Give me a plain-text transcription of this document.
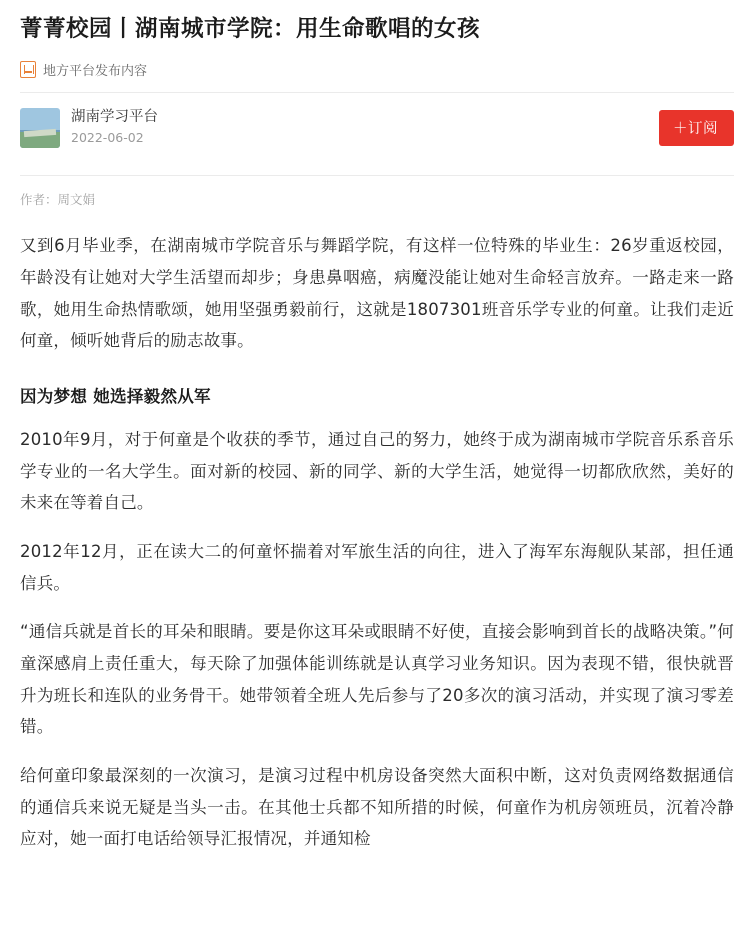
菁菁校园丨湖南城市学院：用生命歌唱的女孩
地方平台发布内容
湖南学习平台
2022-06-02
＋订阅
作者：周文娟

又到6月毕业季，在湖南城市学院音乐与舞蹈学院，有这样一位特殊的毕业生：26岁重返校园，年龄没有让她对大学生活望而却步；身患鼻咽癌，病魔没能让她对生命轻言放弃。一路走来一路歌，她用生命热情歌颂，她用坚强勇毅前行，这就是1807301班音乐学专业的何童。让我们走近何童，倾听她背后的励志故事。

因为梦想 她选择毅然从军

2010年9月，对于何童是个收获的季节，通过自己的努力，她终于成为湖南城市学院音乐系音乐学专业的一名大学生。面对新的校园、新的同学、新的大学生活，她觉得一切都欣欣然，美好的未来在等着自己。

2012年12月，正在读大二的何童怀揣着对军旅生活的向往，进入了海军东海舰队某部，担任通信兵。

“通信兵就是首长的耳朵和眼睛。要是你这耳朵或眼睛不好使，直接会影响到首长的战略决策。”何童深感肩上责任重大，每天除了加强体能训练就是认真学习业务知识。因为表现不错，很快就晋升为班长和连队的业务骨干。她带领着全班人先后参与了20多次的演习活动，并实现了演习零差错。

给何童印象最深刻的一次演习，是演习过程中机房设备突然大面积中断，这对负责网络数据通信的通信兵来说无疑是当头一击。在其他士兵都不知所措的时候，何童作为机房领班员，沉着冷静应对，她一面打电话给领导汇报情况，并通知检
